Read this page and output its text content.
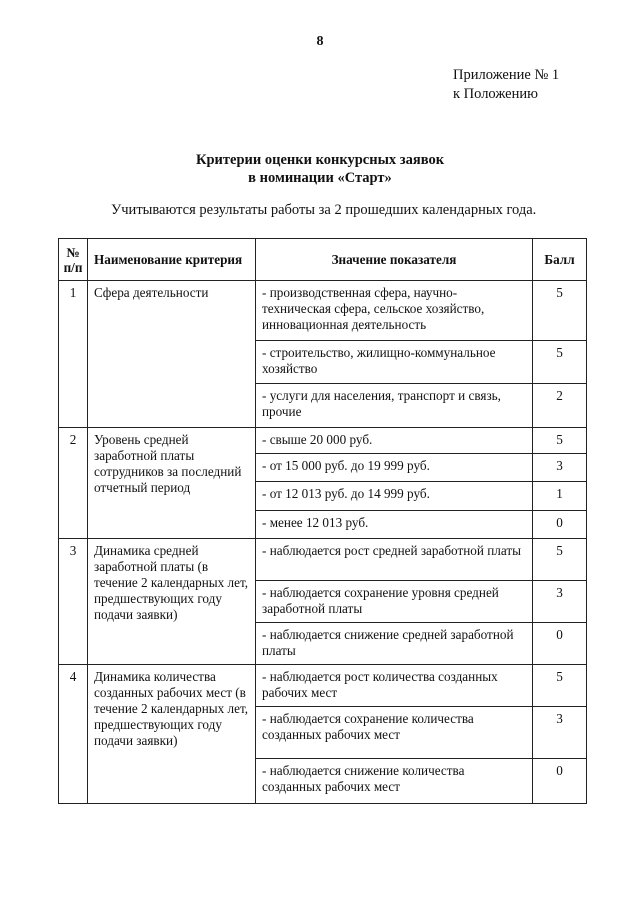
8
Приложение № 1
к Положению
Критерии оценки конкурсных заявок
в номинации «Старт»
Учитываются результаты работы за 2 прошедших календарных года.
№
п/п	Наименование критерия	Значение показателя	Балл
1	Сфера деятельности	- производственная сфера, научно-техническая сфера, сельское хозяйство, инновационная деятельность	5
		- строительство, жилищно-коммунальное хозяйство	5
		- услуги для населения, транспорт и связь, прочие	2
2	Уровень средней заработной платы сотрудников за последний отчетный период	- свыше 20 000 руб.	5
		- от 15 000 руб. до 19 999 руб.	3
		- от 12 013 руб. до 14 999 руб.	1
		- менее 12 013 руб.	0
3	Динамика средней заработной платы (в течение 2 календарных лет, предшествующих году подачи заявки)	- наблюдается рост средней заработной платы	5
		- наблюдается сохранение уровня средней заработной платы	3
		- наблюдается снижение средней заработной платы	0
4	Динамика количества созданных рабочих мест (в течение 2 календарных лет, предшествующих году подачи заявки)	- наблюдается рост количества созданных рабочих мест	5
		- наблюдается сохранение количества созданных рабочих мест	3
		- наблюдается снижение количества созданных рабочих мест	0
